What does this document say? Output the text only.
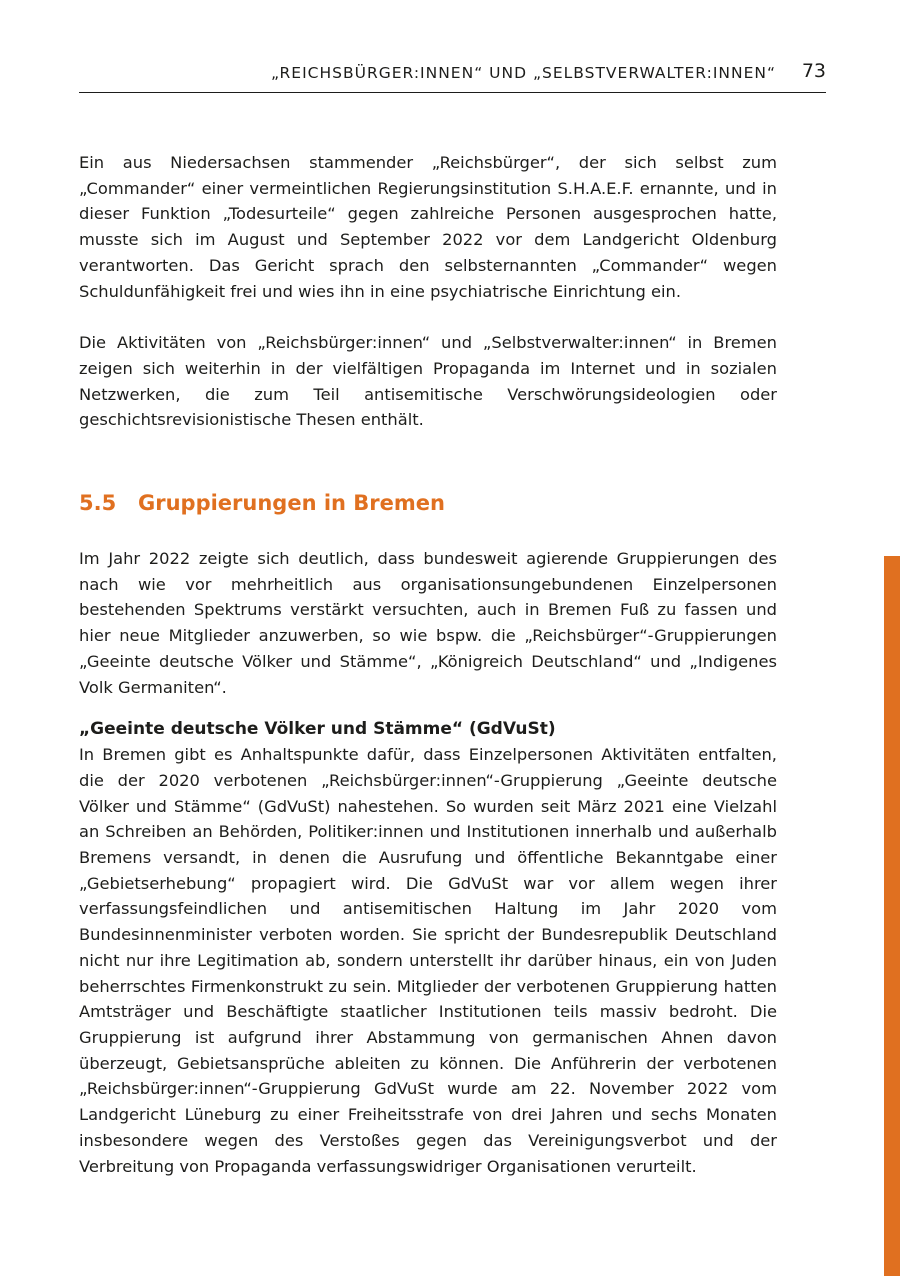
„REICHSBÜRGER:INNEN“ UND „SELBSTVERWALTER:INNEN“ 73

Ein aus Niedersachsen stammender „Reichsbürger“, der sich selbst zum „Commander“ einer vermeintlichen Regierungsinstitution S.H.A.E.F. ernannte, und in dieser Funktion „Todesurteile“ gegen zahlreiche Personen ausgesprochen hatte, musste sich im August und September 2022 vor dem Landgericht Oldenburg verantworten. Das Gericht sprach den selbsternannten „Commander“ wegen Schuldunfähigkeit frei und wies ihn in eine psychiatrische Einrichtung ein.

Die Aktivitäten von „Reichsbürger:innen“ und „Selbstverwalter:innen“ in Bremen zeigen sich weiterhin in der vielfältigen Propaganda im Internet und in sozialen Netzwerken, die zum Teil antisemitische Verschwörungsideologien oder geschichtsrevisionistische Thesen enthält.

5.5 Gruppierungen in Bremen

Im Jahr 2022 zeigte sich deutlich, dass bundesweit agierende Gruppierungen des nach wie vor mehrheitlich aus organisationsungebundenen Einzelpersonen bestehenden Spektrums verstärkt versuchten, auch in Bremen Fuß zu fassen und hier neue Mitglieder anzuwerben, so wie bspw. die „Reichsbürger“-Gruppierungen „Geeinte deutsche Völker und Stämme“, „Königreich Deutschland“ und „Indigenes Volk Germaniten“.

„Geeinte deutsche Völker und Stämme“ (GdVuSt)

In Bremen gibt es Anhaltspunkte dafür, dass Einzelpersonen Aktivitäten entfalten, die der 2020 verbotenen „Reichsbürger:innen“-Gruppierung „Geeinte deutsche Völker und Stämme“ (GdVuSt) nahestehen. So wurden seit März 2021 eine Vielzahl an Schreiben an Behörden, Politiker:innen und Institutionen innerhalb und außerhalb Bremens versandt, in denen die Ausrufung und öffentliche Bekanntgabe einer „Gebietserhebung“ propagiert wird. Die GdVuSt war vor allem wegen ihrer verfassungsfeindlichen und antisemitischen Haltung im Jahr 2020 vom Bundesinnenminister verboten worden. Sie spricht der Bundesrepublik Deutschland nicht nur ihre Legitimation ab, sondern unterstellt ihr darüber hinaus, ein von Juden beherrschtes Firmenkonstrukt zu sein. Mitglieder der verbotenen Gruppierung hatten Amtsträger und Beschäftigte staatlicher Institutionen teils massiv bedroht. Die Gruppierung ist aufgrund ihrer Abstammung von germanischen Ahnen davon überzeugt, Gebietsansprüche ableiten zu können. Die Anführerin der verbotenen „Reichsbürger:innen“-Gruppierung GdVuSt wurde am 22. November 2022 vom Landgericht Lüneburg zu einer Freiheitsstrafe von drei Jahren und sechs Monaten insbesondere wegen des Verstoßes gegen das Vereinigungsverbot und der Verbreitung von Propaganda verfassungswidriger Organisationen verurteilt.
